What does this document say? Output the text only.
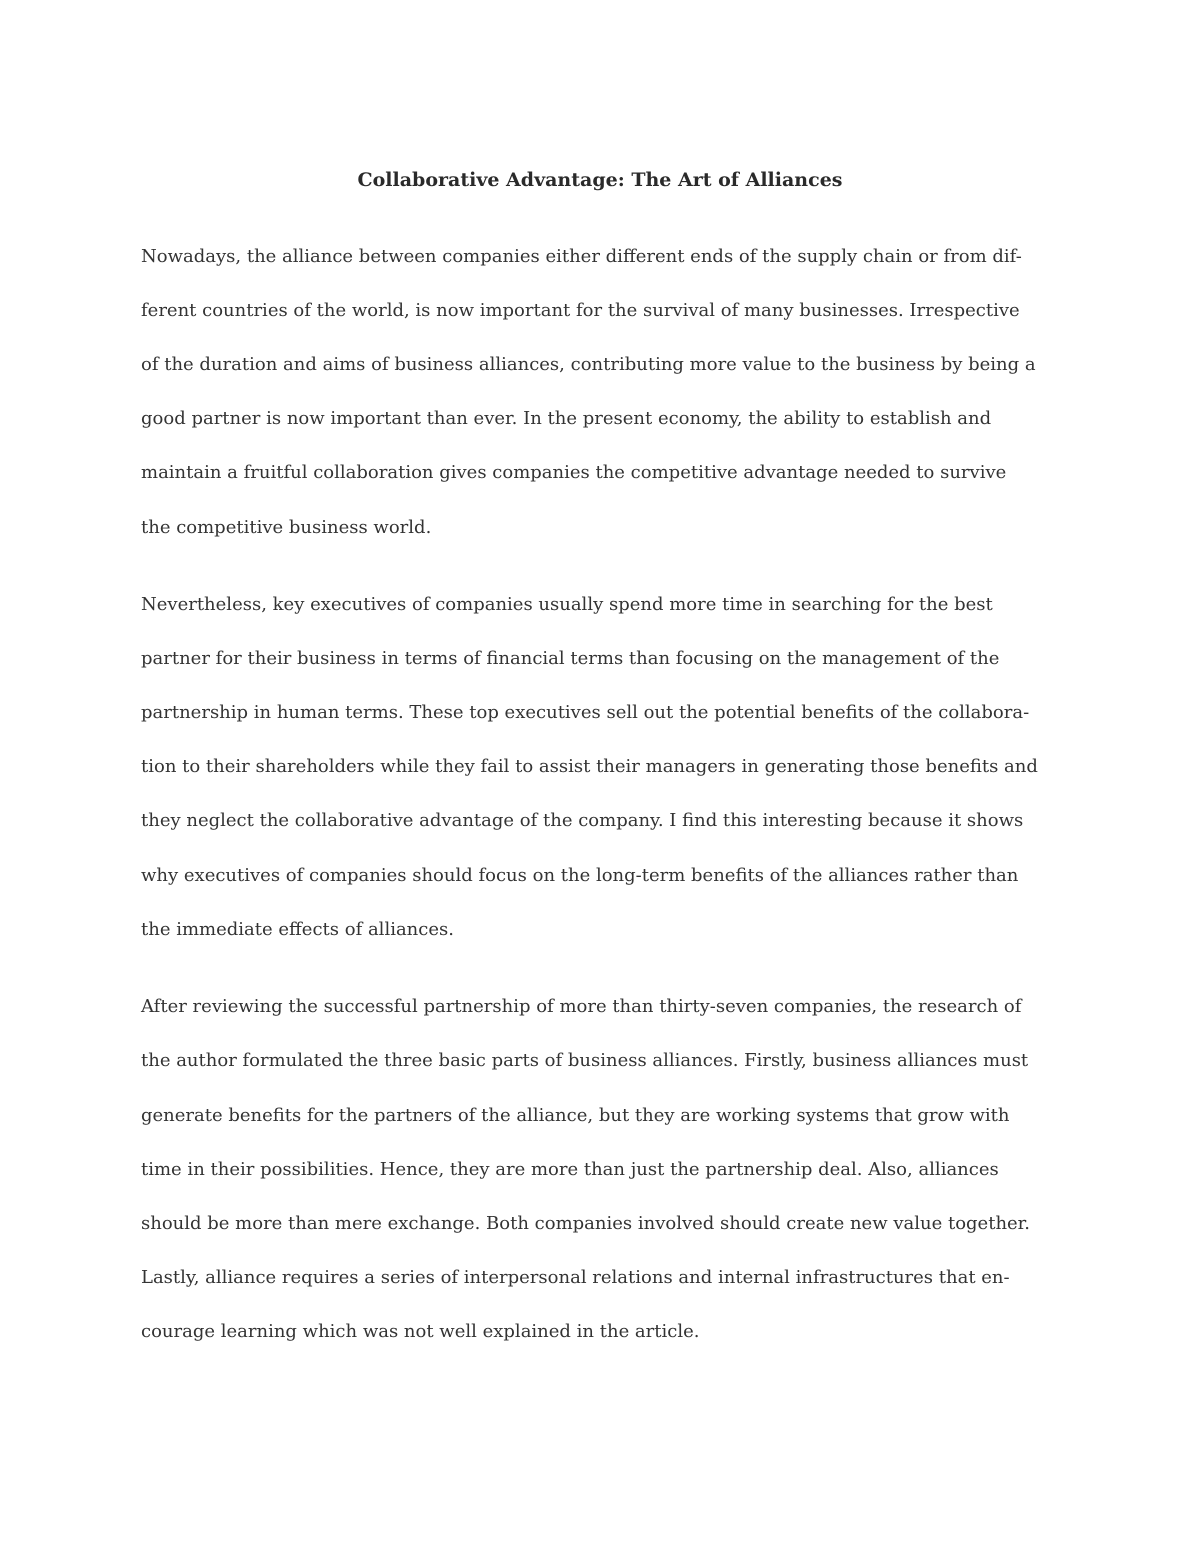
Collaborative Advantage: The Art of Alliances

Nowadays, the alliance between companies either different ends of the supply chain or from dif-

ferent countries of the world, is now important for the survival of many businesses. Irrespective

of the duration and aims of business alliances, contributing more value to the business by being a

good partner is now important than ever. In the present economy, the ability to establish and

maintain a fruitful collaboration gives companies the competitive advantage needed to survive

the competitive business world.

Nevertheless, key executives of companies usually spend more time in searching for the best

partner for their business in terms of financial terms than focusing on the management of the

partnership in human terms. These top executives sell out the potential benefits of the collabora-

tion to their shareholders while they fail to assist their managers in generating those benefits and

they neglect the collaborative advantage of the company. I find this interesting because it shows

why executives of companies should focus on the long-term benefits of the alliances rather than

the immediate effects of alliances.

After reviewing the successful partnership of more than thirty-seven companies, the research of

the author formulated the three basic parts of business alliances. Firstly, business alliances must

generate benefits for the partners of the alliance, but they are working systems that grow with

time in their possibilities. Hence, they are more than just the partnership deal. Also, alliances

should be more than mere exchange. Both companies involved should create new value together.

Lastly, alliance requires a series of interpersonal relations and internal infrastructures that en-

courage learning which was not well explained in the article.
